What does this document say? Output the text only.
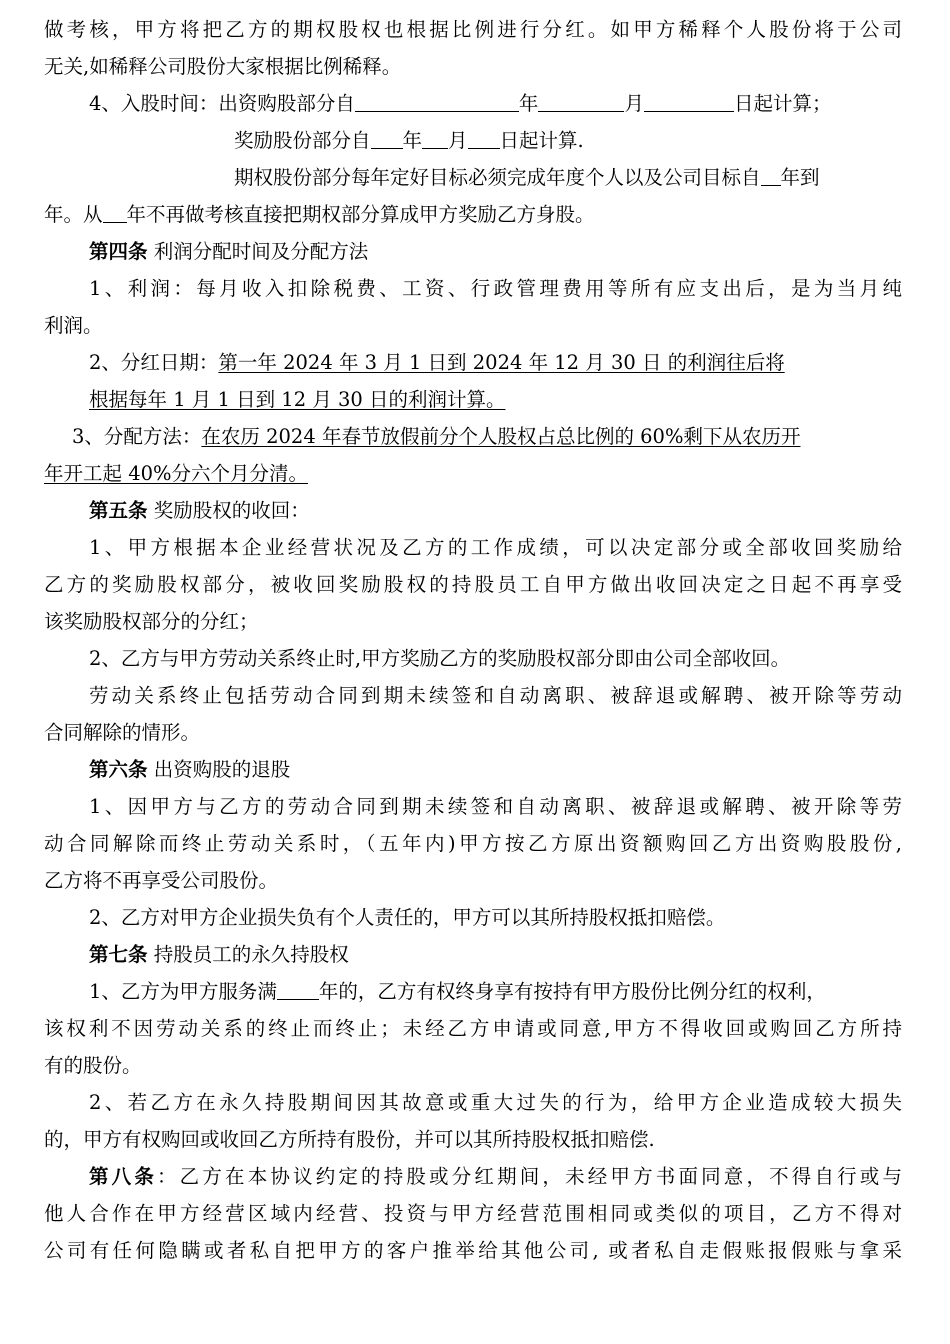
做考核，甲方将把乙方的期权股权也根据比例进行分红。如甲方稀释个人股份将于公司
无关,如稀释公司股份大家根据比例稀释。
4、入股时间：出资购股部分自	年	月	日起计算；
奖励股份部分自 年 月 日起计算.
期权股份部分每年定好目标必须完成年度个人以及公司目标自 年到
年。从 年不再做考核直接把期权部分算成甲方奖励乙方身股。
第四条 利润分配时间及分配方法
1、利润：每月收入扣除税费、工资、行政管理费用等所有应支出后，是为当月纯
利润。
2、分红日期：第一年 2024 年 3 月 1 日到 2024 年 12 月 30 日 的利润往后将
根据每年 1 月 1 日到 12 月 30 日的利润计算。
3、分配方法：在农历 2024 年春节放假前分个人股权占总比例的 60%剩下从农历开
年开工起 40%分六个月分清。
第五条 奖励股权的收回：
1、甲方根据本企业经营状况及乙方的工作成绩，可以决定部分或全部收回奖励给
乙方的奖励股权部分，被收回奖励股权的持股员工自甲方做出收回决定之日起不再享受
该奖励股权部分的分红；
2、乙方与甲方劳动关系终止时,甲方奖励乙方的奖励股权部分即由公司全部收回。
劳动关系终止包括劳动合同到期未续签和自动离职、被辞退或解聘、被开除等劳动
合同解除的情形。
第六条 出资购股的退股
1、因甲方与乙方的劳动合同到期未续签和自动离职、被辞退或解聘、被开除等劳
动合同解除而终止劳动关系时，（五年内)甲方按乙方原出资额购回乙方出资购股股份,
乙方将不再享受公司股份。
2、乙方对甲方企业损失负有个人责任的，甲方可以其所持股权抵扣赔偿。
第七条 持股员工的永久持股权
1、乙方为甲方服务满 年的，乙方有权终身享有按持有甲方股份比例分红的权利，
该权利不因劳动关系的终止而终止；未经乙方申请或同意,甲方不得收回或购回乙方所持
有的股份。
2、若乙方在永久持股期间因其故意或重大过失的行为，给甲方企业造成较大损失
的，甲方有权购回或收回乙方所持有股份，并可以其所持股权抵扣赔偿.
第八条：乙方在本协议约定的持股或分红期间，未经甲方书面同意，不得自行或与
他人合作在甲方经营区域内经营、投资与甲方经营范围相同或类似的项目，乙方不得对
公司有任何隐瞒或者私自把甲方的客户推举给其他公司, 或者私自走假账报假账与拿采
